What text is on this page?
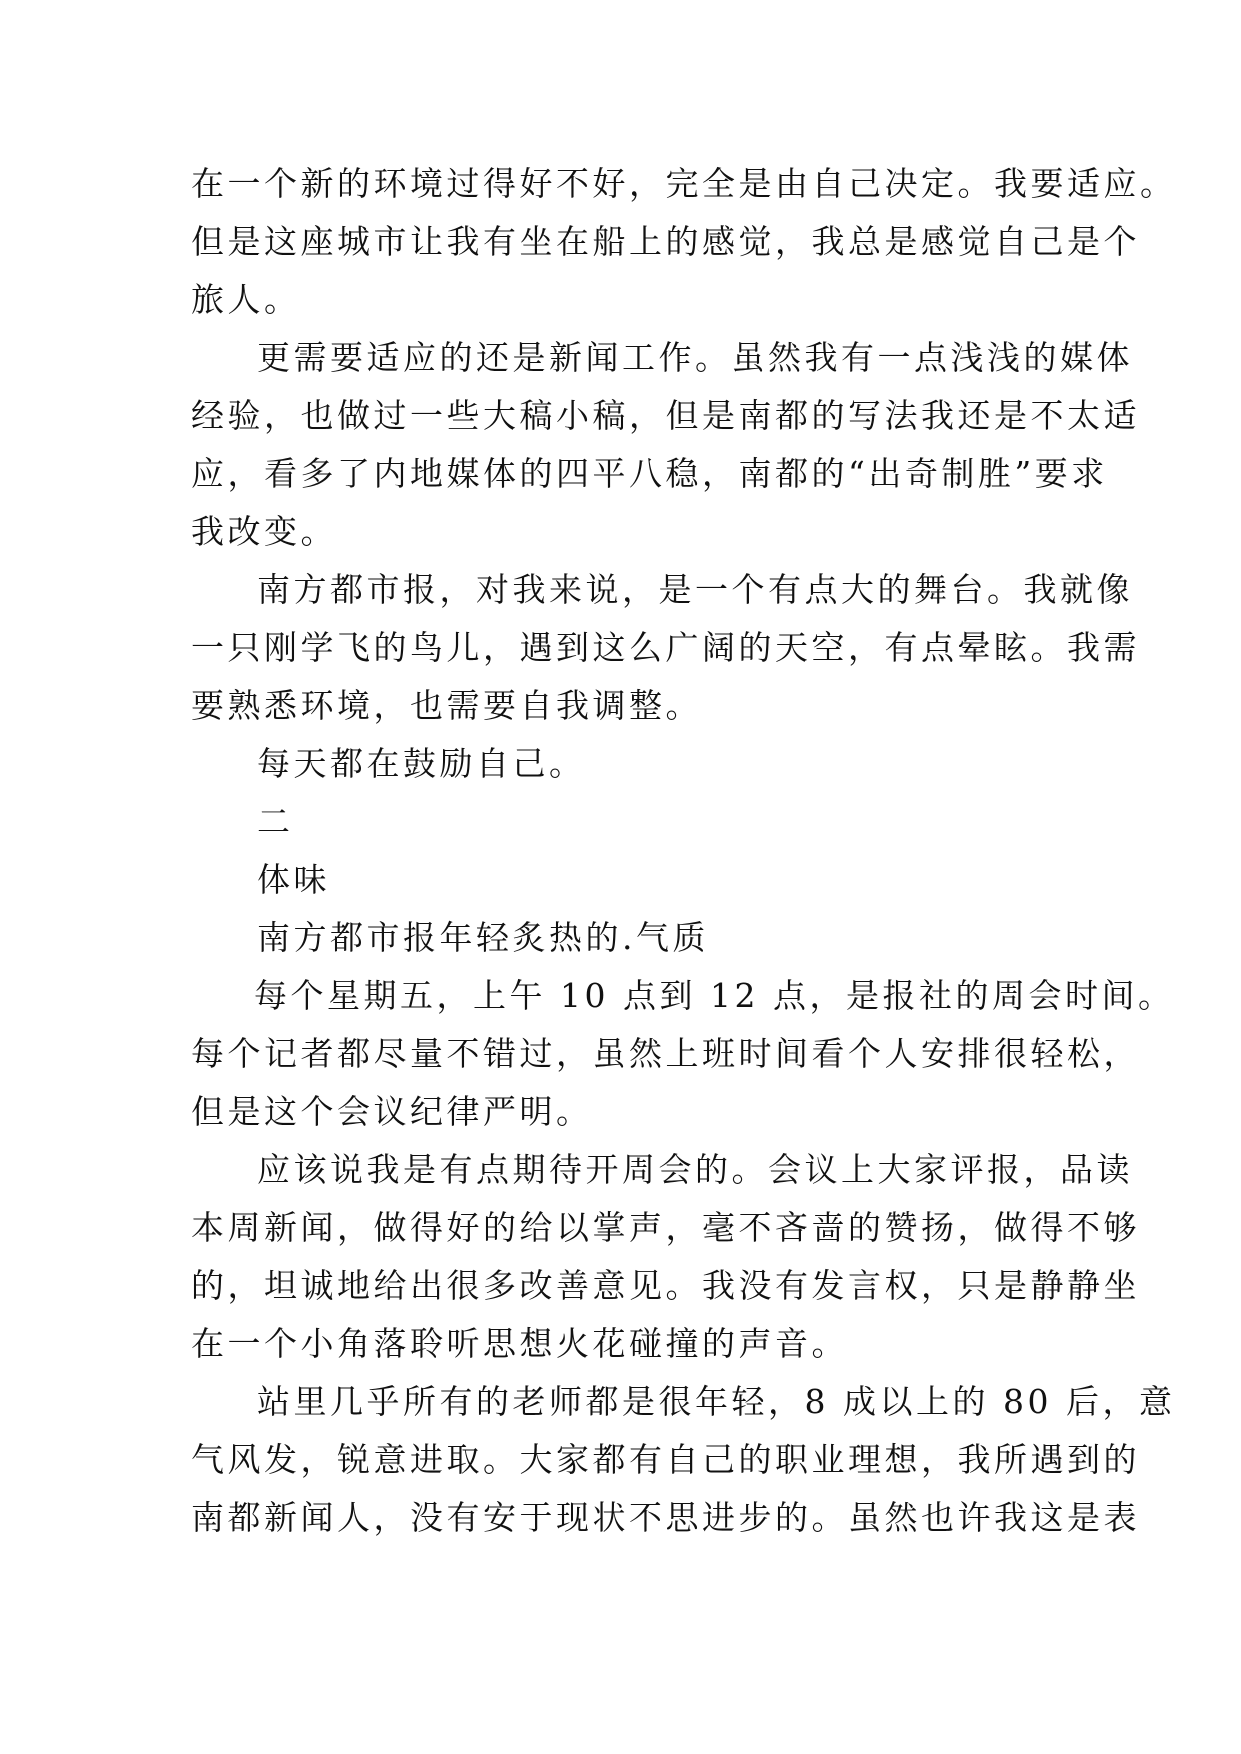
在一个新的环境过得好不好，完全是由自己决定。我要适应。
但是这座城市让我有坐在船上的感觉，我总是感觉自己是个
旅人。
更需要适应的还是新闻工作。虽然我有一点浅浅的媒体
经验，也做过一些大稿小稿，但是南都的写法我还是不太适
应，看多了内地媒体的四平八稳，南都的“出奇制胜”要求
我改变。
南方都市报，对我来说，是一个有点大的舞台。我就像
一只刚学飞的鸟儿，遇到这么广阔的天空，有点晕眩。我需
要熟悉环境，也需要自我调整。
每天都在鼓励自己。
二
体味
南方都市报年轻炙热的.气质
每个星期五，上午 10 点到 12 点，是报社的周会时间。
每个记者都尽量不错过，虽然上班时间看个人安排很轻松，
但是这个会议纪律严明。
应该说我是有点期待开周会的。会议上大家评报，品读
本周新闻，做得好的给以掌声，毫不吝啬的赞扬，做得不够
的，坦诚地给出很多改善意见。我没有发言权，只是静静坐
在一个小角落聆听思想火花碰撞的声音。
站里几乎所有的老师都是很年轻，8 成以上的 80 后，意
气风发，锐意进取。大家都有自己的职业理想，我所遇到的
南都新闻人，没有安于现状不思进步的。虽然也许我这是表
